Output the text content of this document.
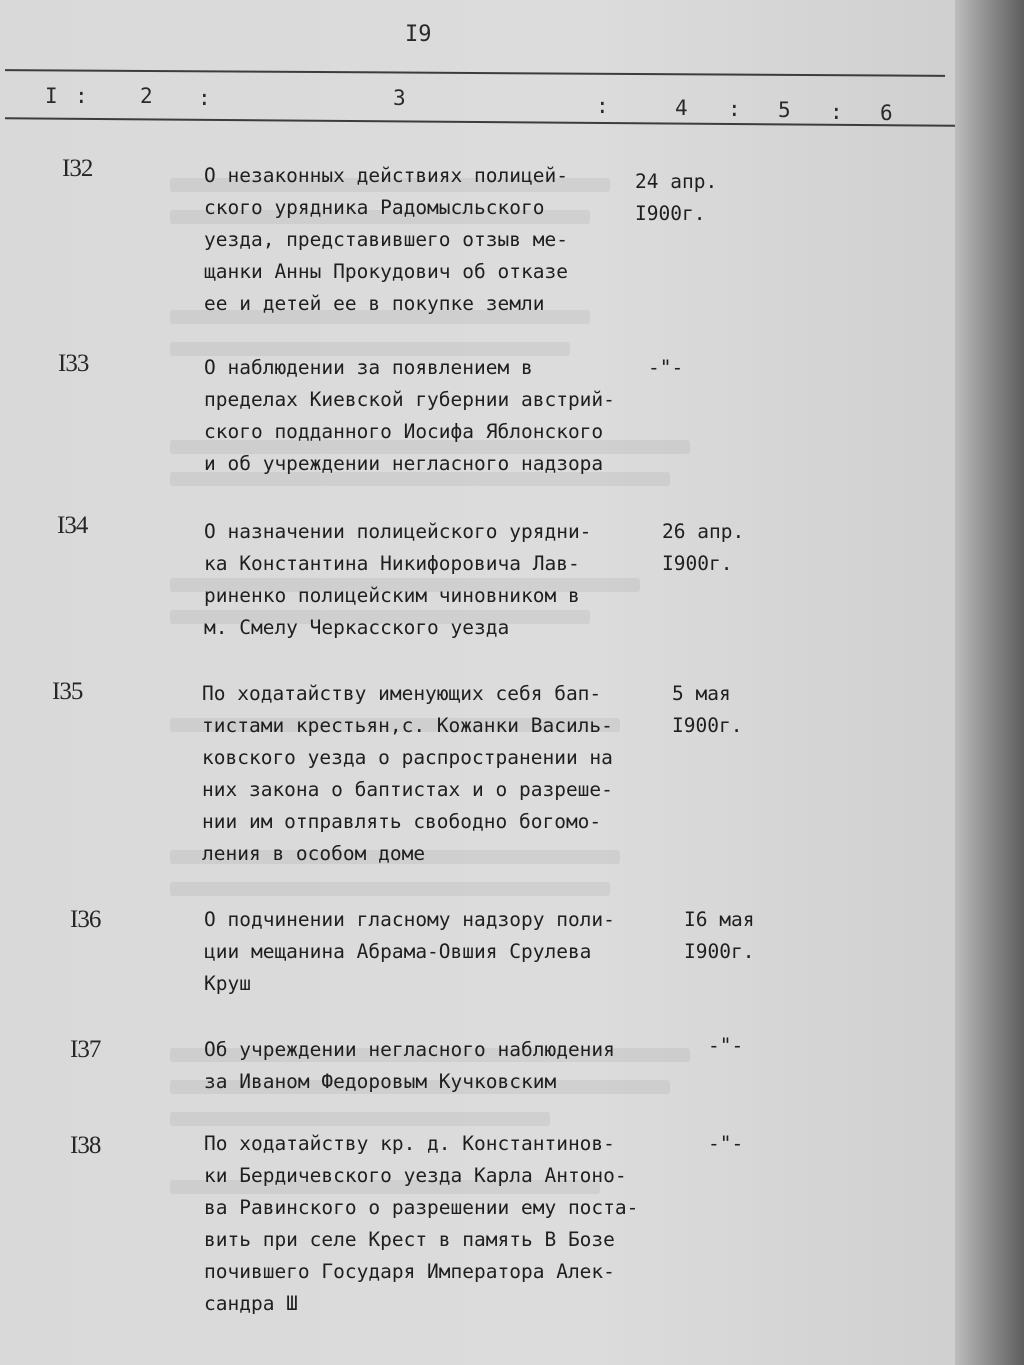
I9
I : 2 :	3	:	4 : 5 : 6
I32	О незаконных действиях полицей-
ского урядника Радомысльского
уезда, представившего отзыв ме-
щанки Анны Прокудович об отказе
ее и детей ее в покупке земли
24 апр.
I900г.
I33	О наблюдении за появлением в
пределах Киевской губернии австрий-
ского подданного Иосифа Яблонского
и об учреждении негласного надзора
-"-
I34	О назначении полицейского урядни-
ка Константина Никифоровича Лав-
риненко полицейским чиновником в
м. Смелу Черкасского уезда
26 апр.
I900г.
I35	По ходатайству именующих себя бап-
тистами крестьян,с. Кожанки Василь-
ковского уезда о распространении на
них закона о баптистах и о разреше-
нии им отправлять свободно богомо-
ления в особом доме
5 мая
I900г.
I36	О подчинении гласному надзору поли-
ции мещанина Абрама-Овшия Срулева
Круш
I6 мая
I900г.
I37	Об учреждении негласного наблюдения
за Иваном Федоровым Кучковским
-"-
I38	По ходатайству кр. д. Константинов-
ки Бердичевского уезда Карла Антоно-
ва Равинского о разрешении ему поста-
вить при селе Крест в память В Бозе
почившего Государя Императора Алек-
сандра Ш
-"-
